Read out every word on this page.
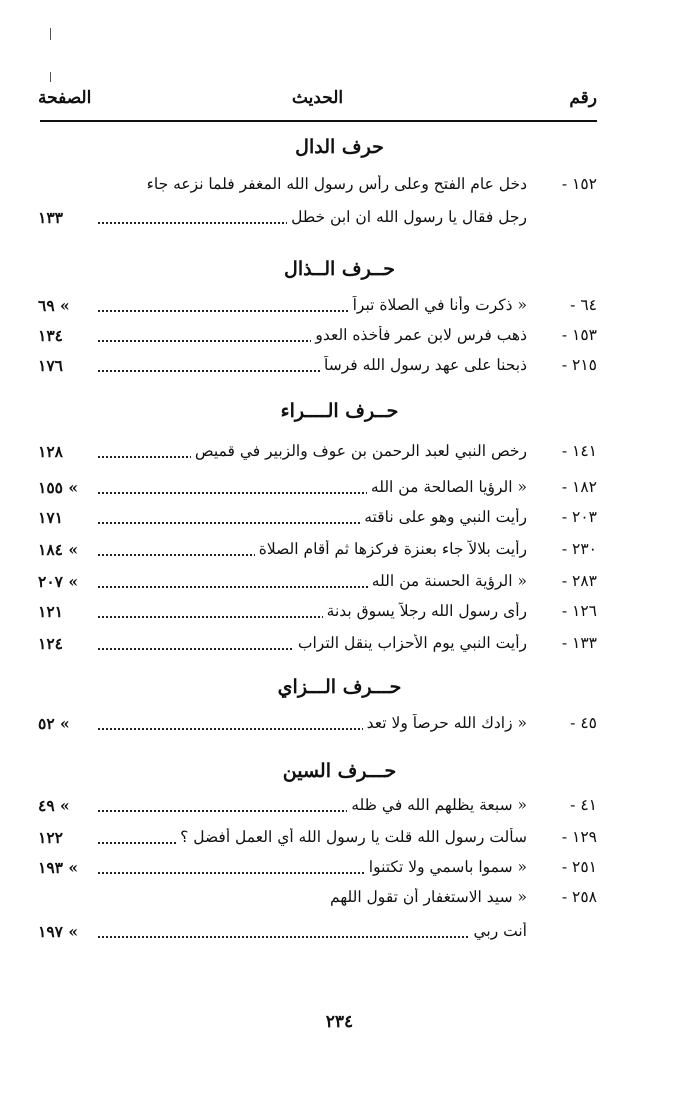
رقم
الحديث
الصفحة
حرف الدال
١٥٢ -
دخل عام الفتح وعلى رأس رسول الله المغفر فلما نزعه جاء
رجل فقال يا رسول الله ان ابن خطل
١٣٣
حــرف الــذال
٦٤ -
« ذكرت وأنا في الصلاة تبراً
» ٦٩
١٥٣ -
ذهب فرس لابن عمر فأخذه العدو
١٣٤
٢١٥ -
ذبحنا على عهد رسول الله فرساً
١٧٦
حــرف الــــراء
١٤١ -
رخص النبي لعبد الرحمن بن عوف والزبير في قميص
١٢٨
١٨٢ -
« الرؤيا الصالحة من الله
» ١٥٥
٢٠٣ -
رأيت النبي وهو على ناقته
١٧١
٢٣٠ -
رأيت بلالاً جاء بعنزة فركزها ثم أقام الصلاة
» ١٨٤
٢٨٣ -
« الرؤية الحسنة من الله
» ٢٠٧
١٢٦ -
رأى رسول الله رجلاً يسوق بدنة
١٢١
١٣٣ -
رأيت النبي يوم الأحزاب ينقل التراب
١٢٤
حـــرف الـــزاي
٤٥ -
« زادك الله حرصاً ولا تعد
» ٥٢
حـــرف السين
٤١ -
« سبعة يظلهم الله في ظله
» ٤٩
١٢٩ -
سألت رسول الله قلت يا رسول الله أي العمل أفضل ؟
١٢٢
٢٥١ -
« سموا باسمي ولا تكتنوا
» ١٩٣
٢٥٨ -
« سيد الاستغفار أن تقول اللهم
أنت ربي
» ١٩٧
٢٣٤
